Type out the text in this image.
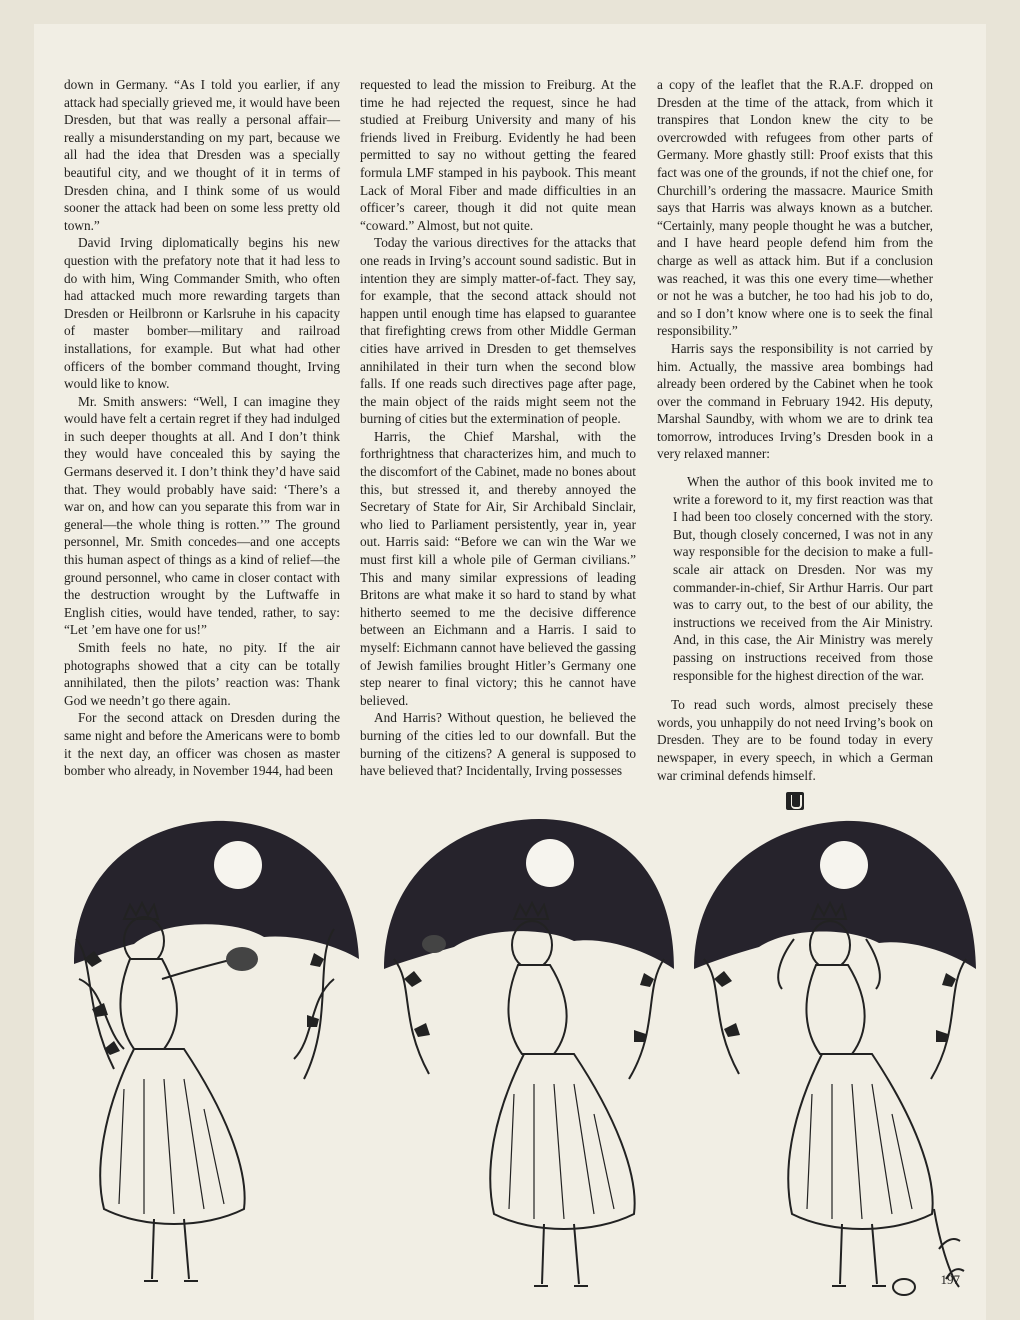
down in Germany. “As I told you earlier, if any attack had specially grieved me, it would have been Dresden, but that was really a personal affair—really a misunderstanding on my part, because we all had the idea that Dresden was a specially beautiful city, and we thought of it in terms of Dresden china, and I think some of us would sooner the attack had been on some less pretty old town.”

David Irving diplomatically begins his new question with the prefatory note that it had less to do with him, Wing Commander Smith, who often had attacked much more rewarding targets than Dresden or Heilbronn or Karlsruhe in his capacity of master bomber—military and railroad installations, for example. But what had other officers of the bomber command thought, Irving would like to know.

Mr. Smith answers: “Well, I can imagine they would have felt a certain regret if they had indulged in such deeper thoughts at all. And I don’t think they would have concealed this by saying the Germans deserved it. I don’t think they’d have said that. They would probably have said: ‘There’s a war on, and how can you separate this from war in general—the whole thing is rotten.’” The ground personnel, Mr. Smith concedes—and one accepts this human aspect of things as a kind of relief—the ground personnel, who came in closer contact with the destruction wrought by the Luftwaffe in English cities, would have tended, rather, to say: “Let ’em have one for us!”

Smith feels no hate, no pity. If the air photographs showed that a city can be totally annihilated, then the pilots’ reaction was: Thank God we needn’t go there again.

For the second attack on Dresden during the same night and before the Americans were to bomb it the next day, an officer was chosen as master bomber who already, in November 1944, had been

requested to lead the mission to Freiburg. At the time he had rejected the request, since he had studied at Freiburg University and many of his friends lived in Freiburg. Evidently he had been permitted to say no without getting the feared formula LMF stamped in his paybook. This meant Lack of Moral Fiber and made difficulties in an officer’s career, though it did not quite mean “coward.” Almost, but not quite.

Today the various directives for the attacks that one reads in Irving’s account sound sadistic. But in intention they are simply matter-of-fact. They say, for example, that the second attack should not happen until enough time has elapsed to guarantee that firefighting crews from other Middle German cities have arrived in Dresden to get themselves annihilated in their turn when the second blow falls. If one reads such directives page after page, the main object of the raids might seem not the burning of cities but the extermination of people.

Harris, the Chief Marshal, with the forthrightness that characterizes him, and much to the discomfort of the Cabinet, made no bones about this, but stressed it, and thereby annoyed the Secretary of State for Air, Sir Archibald Sinclair, who lied to Parliament persistently, year in, year out. Harris said: “Before we can win the War we must first kill a whole pile of German civilians.” This and many similar expressions of leading Britons are what make it so hard to stand by what hitherto seemed to me the decisive difference between an Eichmann and a Harris. I said to myself: Eichmann cannot have believed the gassing of Jewish families brought Hitler’s Germany one step nearer to final victory; this he cannot have believed.

And Harris? Without question, he believed the burning of the cities led to our downfall. But the burning of the citizens? A general is supposed to have believed that? Incidentally, Irving possesses

a copy of the leaflet that the R.A.F. dropped on Dresden at the time of the attack, from which it transpires that London knew the city to be overcrowded with refugees from other parts of Germany. More ghastly still: Proof exists that this fact was one of the grounds, if not the chief one, for Churchill’s ordering the massacre. Maurice Smith says that Harris was always known as a butcher. “Certainly, many people thought he was a butcher, and I have heard people defend him from the charge as well as attack him. But if a conclusion was reached, it was this one every time—whether or not he was a butcher, he too had his job to do, and so I don’t know where one is to seek the final responsibility.”

Harris says the responsibility is not carried by him. Actually, the massive area bombings had already been ordered by the Cabinet when he took over the command in February 1942. His deputy, Marshal Saundby, with whom we are to drink tea tomorrow, introduces Irving’s Dresden book in a very relaxed manner:

When the author of this book invited me to write a foreword to it, my first reaction was that I had been too closely concerned with the story. But, though closely concerned, I was not in any way responsible for the decision to make a full-scale air attack on Dresden. Nor was my commander-in-chief, Sir Arthur Harris. Our part was to carry out, to the best of our ability, the instructions we received from the Air Ministry. And, in this case, the Air Ministry was merely passing on instructions received from those responsible for the highest direction of the war.

To read such words, almost precisely these words, you unhappily do not need Irving’s book on Dresden. They are to be found today in every newspaper, in every speech, in which a German war criminal defends himself.

197
